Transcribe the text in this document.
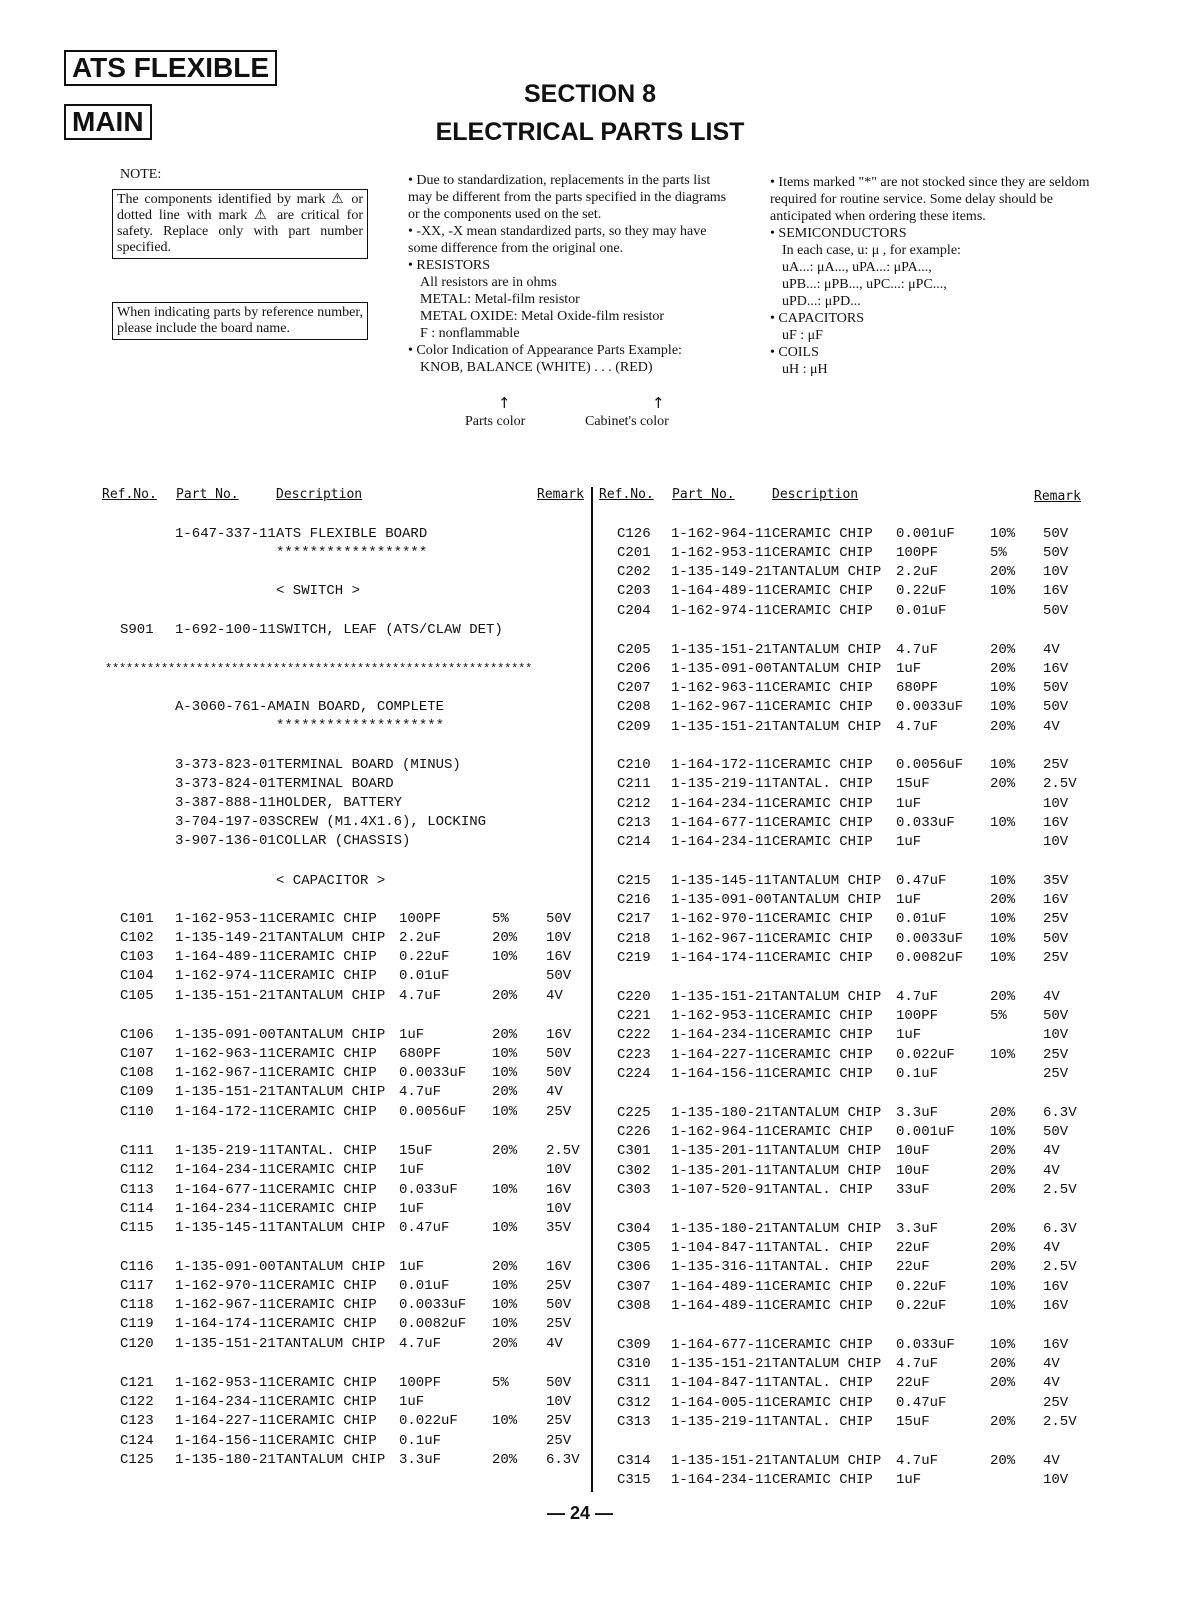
ATS FLEXIBLE
MAIN
SECTION 8
ELECTRICAL PARTS LIST
NOTE:
The components identified by mark ⚠ or dotted line with mark ⚠ are critical for safety. Replace only with part number specified.
When indicating parts by reference number, please include the board name.

• Due to standardization, replacements in the parts list may be different from the parts specified in the diagrams or the components used on the set.

• -XX, -X mean standardized parts, so they may have some difference from the original one.

• RESISTORS

All resistors are in ohms

METAL: Metal-film resistor

METAL OXIDE: Metal Oxide-film resistor

F : nonflammable

• Color Indication of Appearance Parts Example:

KNOB, BALANCE (WHITE) . . . (RED)

↑	↑
Parts color	Cabinet's color

• Items marked "*" are not stocked since they are seldom required for routine service. Some delay should be anticipated when ordering these items.

• SEMICONDUCTORS

In each case, u: μ , for example:

uA...: μA..., uPA...: μPA...,

uPB...: μPB..., uPC...: μPC...,

uPD...: μPD...

• CAPACITORS

uF : μF

• COILS

uH : μH

Ref.No. Part No.	Description	Remark Ref.No. Part No.	Description	Remark
*************************************************************
1-647-337-11 ATS FLEXIBLE BOARD
******************
< SWITCH >
S901 1-692-100-11 SWITCH, LEAF (ATS/CLAW DET)
A-3060-761-A MAIN BOARD, COMPLETE
********************
3-373-823-01 TERMINAL BOARD (MINUS)
3-373-824-01 TERMINAL BOARD
3-387-888-11 HOLDER, BATTERY
3-704-197-03 SCREW (M1.4X1.6), LOCKING
3-907-136-01 COLLAR (CHASSIS)
< CAPACITOR >
C101 1-162-953-11 CERAMIC CHIP 100PF	5%	50V
C102 1-135-149-21 TANTALUM CHIP 2.2uF	20% 10V
C103 1-164-489-11 CERAMIC CHIP 0.22uF	10% 16V
C104 1-162-974-11 CERAMIC CHIP 0.01uF	50V
C105 1-135-151-21 TANTALUM CHIP 4.7uF	20% 4V
C106 1-135-091-00 TANTALUM CHIP 1uF	20% 16V
C107 1-162-963-11 CERAMIC CHIP 680PF	10% 50V
C108 1-162-967-11 CERAMIC CHIP 0.0033uF 10% 50V
C109 1-135-151-21 TANTALUM CHIP 4.7uF	20% 4V
C110 1-164-172-11 CERAMIC CHIP 0.0056uF 10% 25V
C111 1-135-219-11 TANTAL. CHIP 15uF	20% 2.5V
C112 1-164-234-11 CERAMIC CHIP 1uF	10V
C113 1-164-677-11 CERAMIC CHIP 0.033uF 10% 16V
C114 1-164-234-11 CERAMIC CHIP 1uF	10V
C115 1-135-145-11 TANTALUM CHIP 0.47uF	10% 35V
C116 1-135-091-00 TANTALUM CHIP 1uF	20% 16V
C117 1-162-970-11 CERAMIC CHIP 0.01uF	10% 25V
C118 1-162-967-11 CERAMIC CHIP 0.0033uF 10% 50V
C119 1-164-174-11 CERAMIC CHIP 0.0082uF 10% 25V
C120 1-135-151-21 TANTALUM CHIP 4.7uF	20% 4V
C121 1-162-953-11 CERAMIC CHIP 100PF	5%	50V
C122 1-164-234-11 CERAMIC CHIP 1uF	10V
C123 1-164-227-11 CERAMIC CHIP 0.022uF 10% 25V
C124 1-164-156-11 CERAMIC CHIP 0.1uF	25V
C125 1-135-180-21 TANTALUM CHIP 3.3uF	20% 6.3V
C126 1-162-964-11 CERAMIC CHIP 0.001uF	10% 50V
C201 1-162-953-11 CERAMIC CHIP 100PF	5%	50V
C202 1-135-149-21 TANTALUM CHIP 2.2uF	20% 10V
C203 1-164-489-11 CERAMIC CHIP 0.22uF	10% 16V
C204 1-162-974-11 CERAMIC CHIP 0.01uF	50V
C205 1-135-151-21 TANTALUM CHIP 4.7uF	20% 4V
C206 1-135-091-00 TANTALUM CHIP 1uF	20% 16V
C207 1-162-963-11 CERAMIC CHIP 680PF	10% 50V
C208 1-162-967-11 CERAMIC CHIP 0.0033uF 10% 50V
C209 1-135-151-21 TANTALUM CHIP 4.7uF	20% 4V
C210 1-164-172-11 CERAMIC CHIP 0.0056uF 10% 25V
C211 1-135-219-11 TANTAL. CHIP 15uF	20% 2.5V
C212 1-164-234-11 CERAMIC CHIP 1uF	10V
C213 1-164-677-11 CERAMIC CHIP 0.033uF	10% 16V
C214 1-164-234-11 CERAMIC CHIP 1uF	10V
C215 1-135-145-11 TANTALUM CHIP 0.47uF	10% 35V
C216 1-135-091-00 TANTALUM CHIP 1uF	20% 16V
C217 1-162-970-11 CERAMIC CHIP 0.01uF	10% 25V
C218 1-162-967-11 CERAMIC CHIP 0.0033uF 10% 50V
C219 1-164-174-11 CERAMIC CHIP 0.0082uF 10% 25V
C220 1-135-151-21 TANTALUM CHIP 4.7uF	20% 4V
C221 1-162-953-11 CERAMIC CHIP 100PF	5%	50V
C222 1-164-234-11 CERAMIC CHIP 1uF	10V
C223 1-164-227-11 CERAMIC CHIP 0.022uF	10% 25V
C224 1-164-156-11 CERAMIC CHIP 0.1uF	25V
C225 1-135-180-21 TANTALUM CHIP 3.3uF	20% 6.3V
C226 1-162-964-11 CERAMIC CHIP 0.001uF	10% 50V
C301 1-135-201-11 TANTALUM CHIP 10uF	20% 4V
C302 1-135-201-11 TANTALUM CHIP 10uF	20% 4V
C303 1-107-520-91 TANTAL. CHIP 33uF	20% 2.5V
C304 1-135-180-21 TANTALUM CHIP 3.3uF	20% 6.3V
C305 1-104-847-11 TANTAL. CHIP 22uF	20% 4V
C306 1-135-316-11 TANTAL. CHIP 22uF	20% 2.5V
C307 1-164-489-11 CERAMIC CHIP 0.22uF	10% 16V
C308 1-164-489-11 CERAMIC CHIP 0.22uF	10% 16V
C309 1-164-677-11 CERAMIC CHIP 0.033uF	10% 16V
C310 1-135-151-21 TANTALUM CHIP 4.7uF	20% 4V
C311 1-104-847-11 TANTAL. CHIP 22uF	20% 4V
C312 1-164-005-11 CERAMIC CHIP 0.47uF	25V
C313 1-135-219-11 TANTAL. CHIP 15uF	20% 2.5V
C314 1-135-151-21 TANTALUM CHIP 4.7uF	20% 4V
C315 1-164-234-11 CERAMIC CHIP 1uF	10V
— 24 —
